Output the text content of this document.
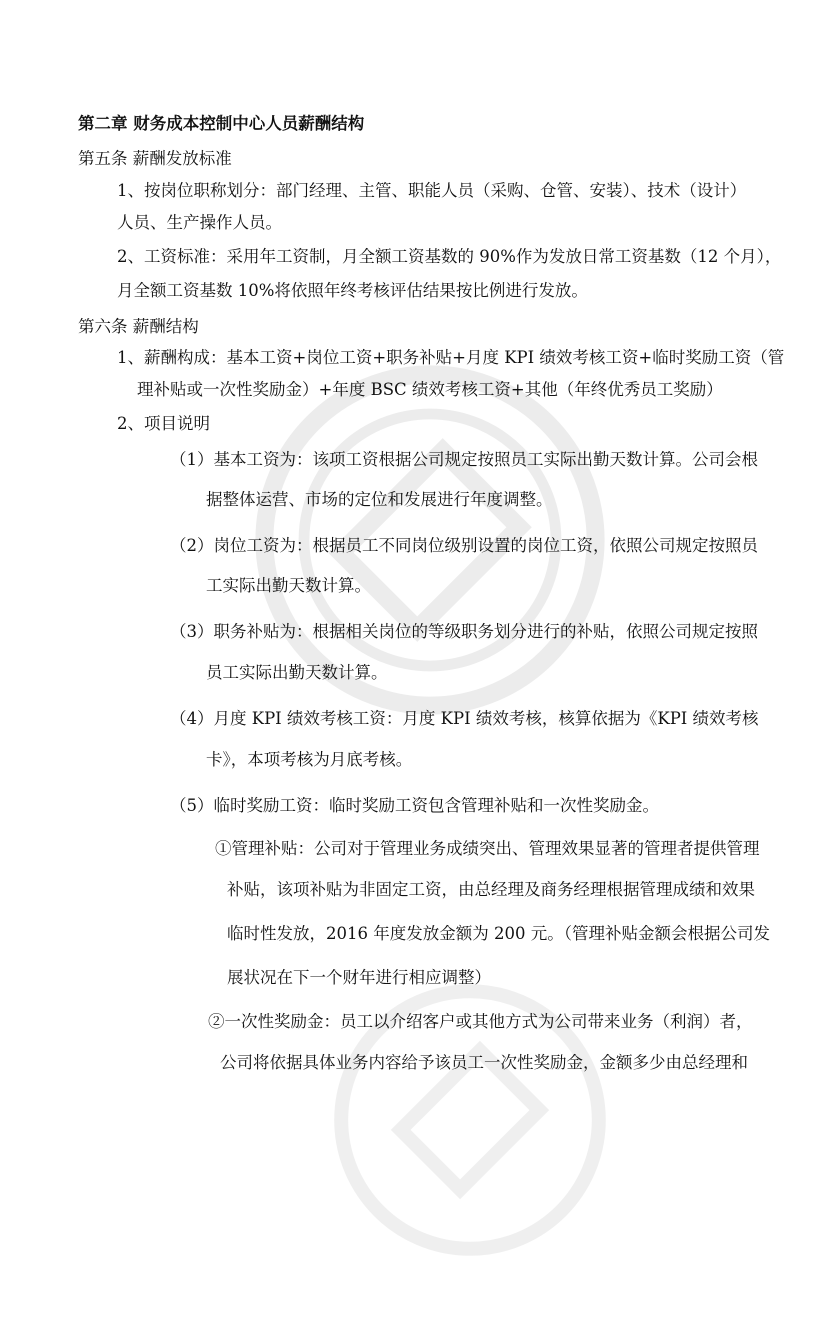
第二章 财务成本控制中心人员薪酬结构
第五条 薪酬发放标准
1、按岗位职称划分：部门经理、主管、职能人员（采购、仓管、安装）、技术（设计）
人员、生产操作人员。
2、工资标准：采用年工资制，月全额工资基数的 90%作为发放日常工资基数（12 个月），
月全额工资基数 10%将依照年终考核评估结果按比例进行发放。
第六条 薪酬结构
1、薪酬构成：基本工资+岗位工资+职务补贴+月度 KPI 绩效考核工资+临时奖励工资（管
理补贴或一次性奖励金）+年度 BSC 绩效考核工资+其他（年终优秀员工奖励）
2、项目说明
（1）基本工资为：该项工资根据公司规定按照员工实际出勤天数计算。公司会根
据整体运营、市场的定位和发展进行年度调整。
（2）岗位工资为：根据员工不同岗位级别设置的岗位工资，依照公司规定按照员
工实际出勤天数计算。
（3）职务补贴为：根据相关岗位的等级职务划分进行的补贴，依照公司规定按照
员工实际出勤天数计算。
（4）月度 KPI 绩效考核工资：月度 KPI 绩效考核，核算依据为《KPI 绩效考核
卡》，本项考核为月底考核。
（5）临时奖励工资：临时奖励工资包含管理补贴和一次性奖励金。
①管理补贴：公司对于管理业务成绩突出、管理效果显著的管理者提供管理
补贴，该项补贴为非固定工资，由总经理及商务经理根据管理成绩和效果
临时性发放，2016 年度发放金额为 200 元。（管理补贴金额会根据公司发
展状况在下一个财年进行相应调整）
②一次性奖励金：员工以介绍客户或其他方式为公司带来业务（利润）者，
公司将依据具体业务内容给予该员工一次性奖励金，金额多少由总经理和
